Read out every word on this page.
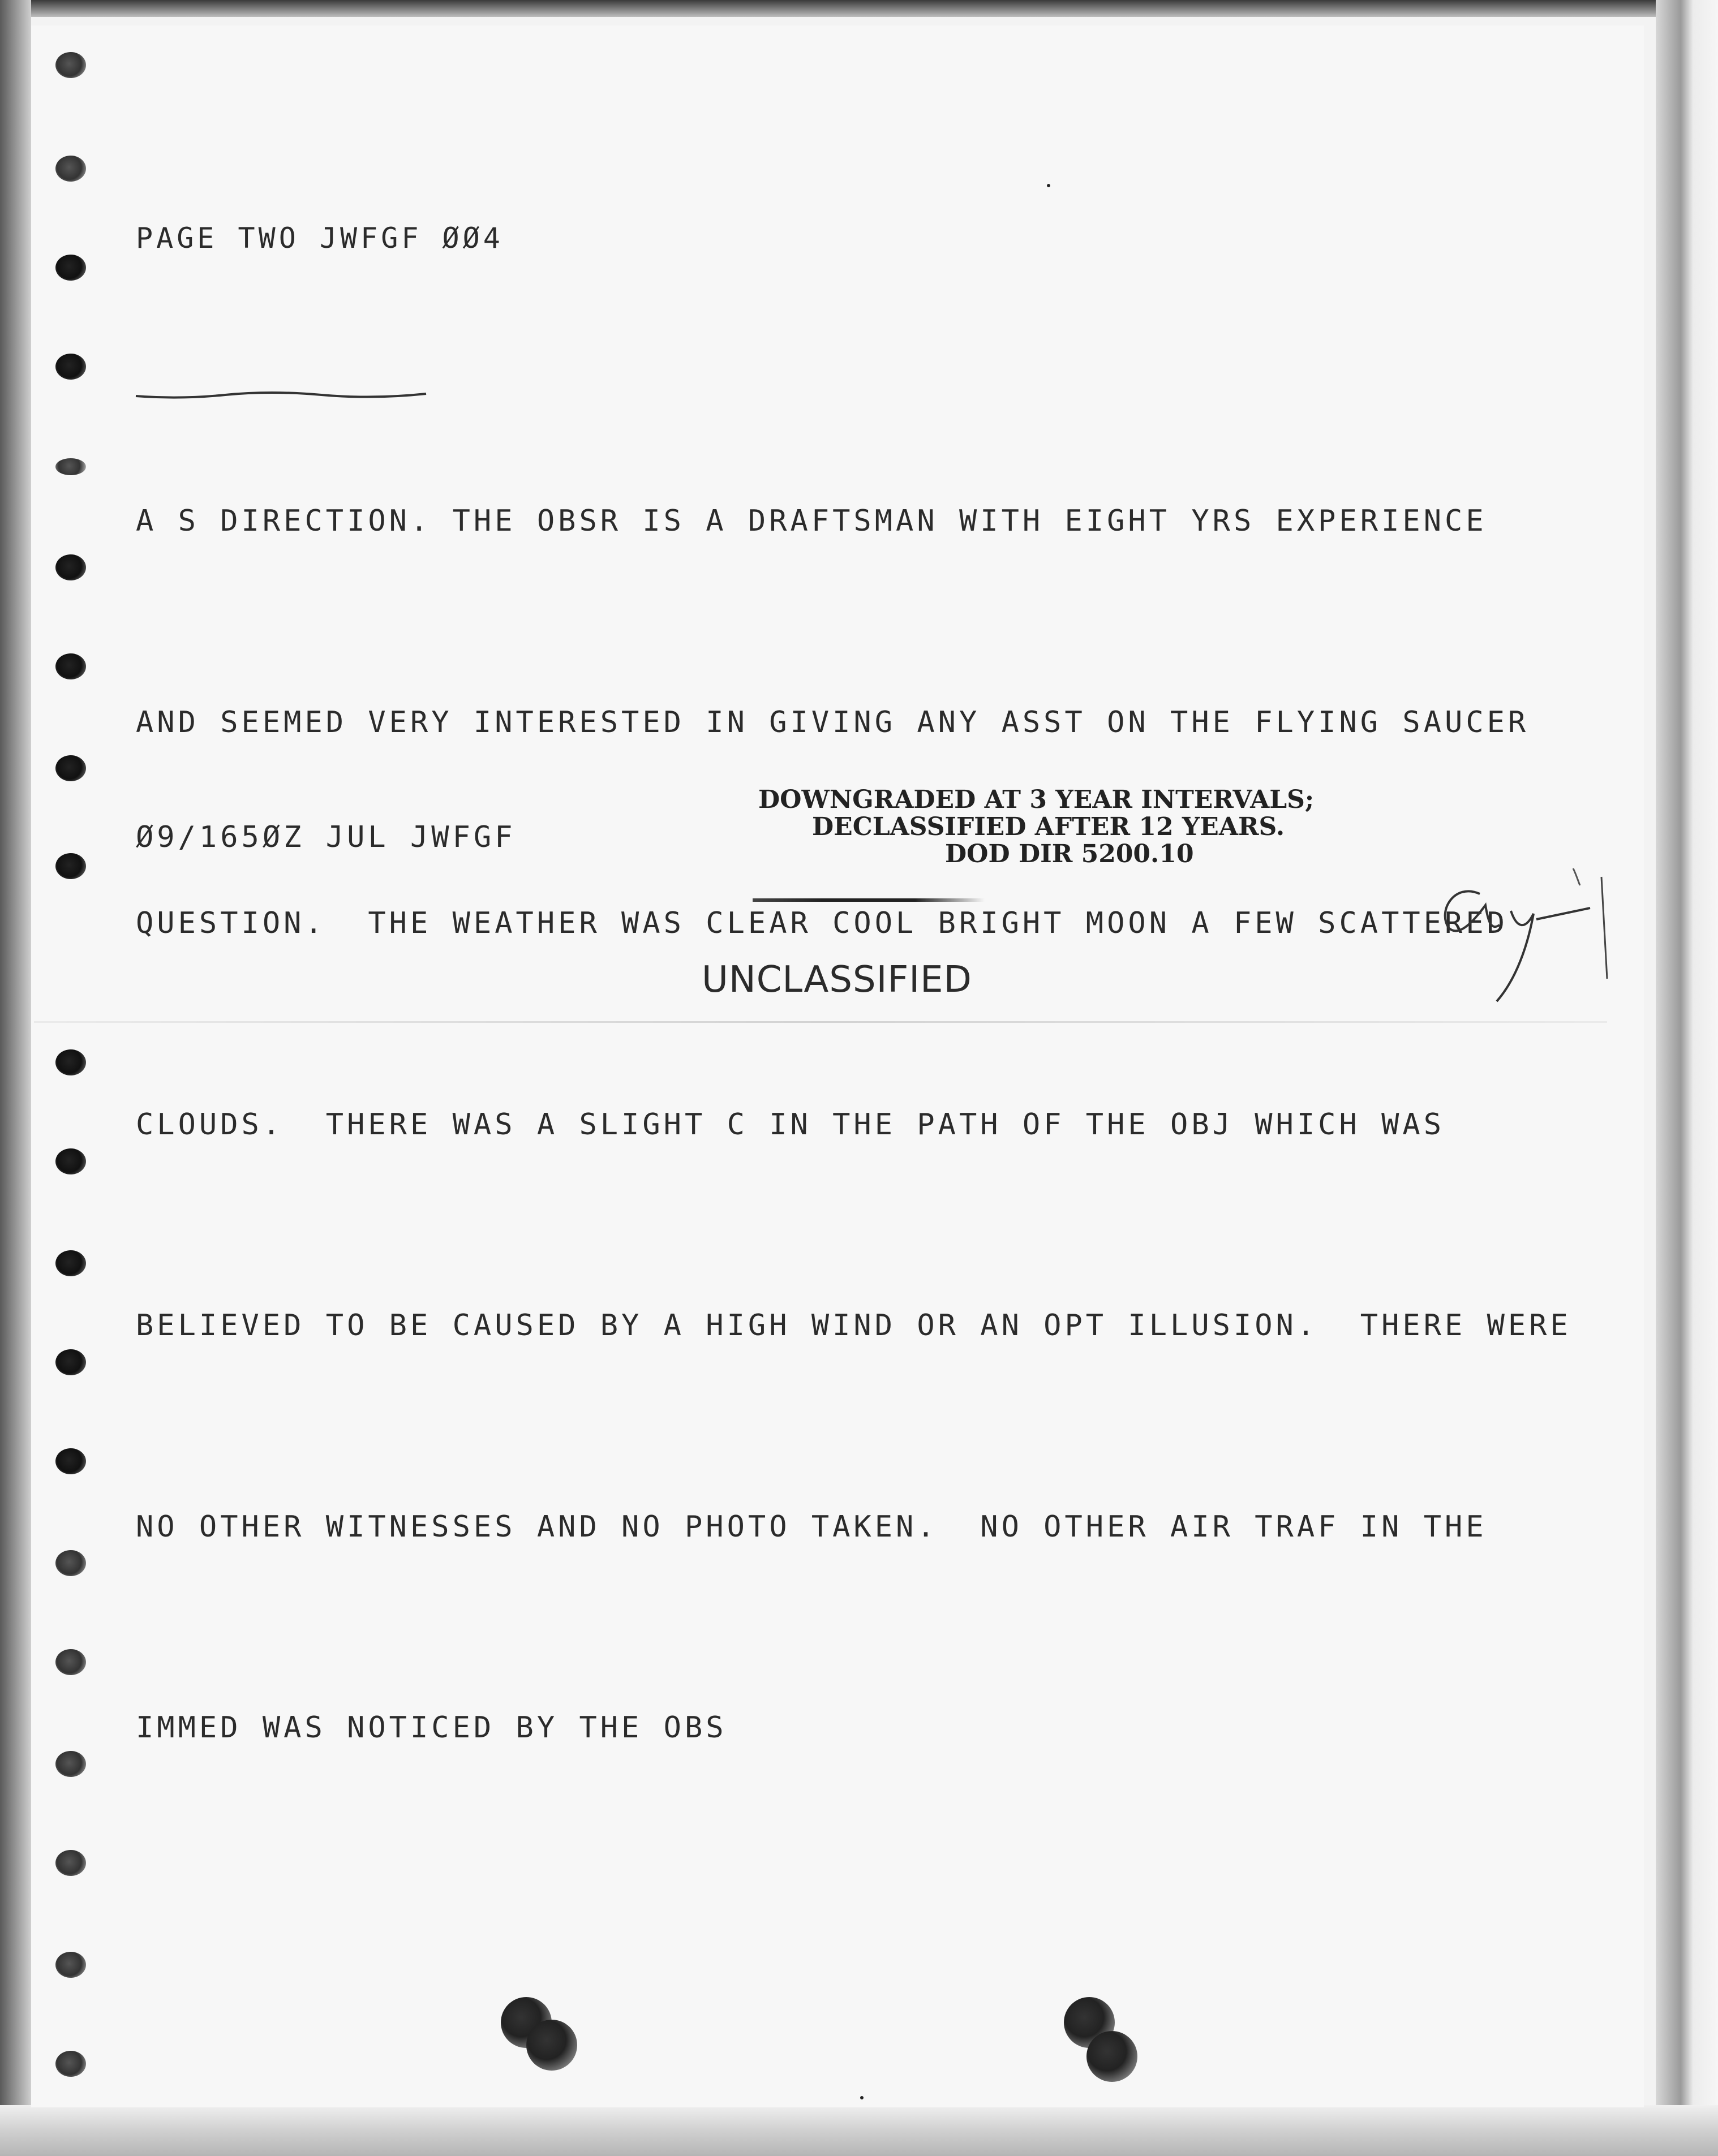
PAGE TWO JWFGF ØØ4

A S DIRECTION. THE OBSR IS A DRAFTSMAN WITH EIGHT YRS EXPERIENCE

AND SEEMED VERY INTERESTED IN GIVING ANY ASST ON THE FLYING SAUCER

QUESTION.  THE WEATHER WAS CLEAR COOL BRIGHT MOON A FEW SCATTERED

CLOUDS.  THERE WAS A SLIGHT C IN THE PATH OF THE OBJ WHICH WAS

BELIEVED TO BE CAUSED BY A HIGH WIND OR AN OPT ILLUSION.  THERE WERE

NO OTHER WITNESSES AND NO PHOTO TAKEN.  NO OTHER AIR TRAF IN THE

IMMED WAS NOTICED BY THE OBS

Ø9/165ØZ JUL JWFGF
DOWNGRADED AT 3 YEAR INTERVALS;
DECLASSIFIED AFTER 12 YEARS.
DOD DIR 5200.10
UNCLASSIFIED
